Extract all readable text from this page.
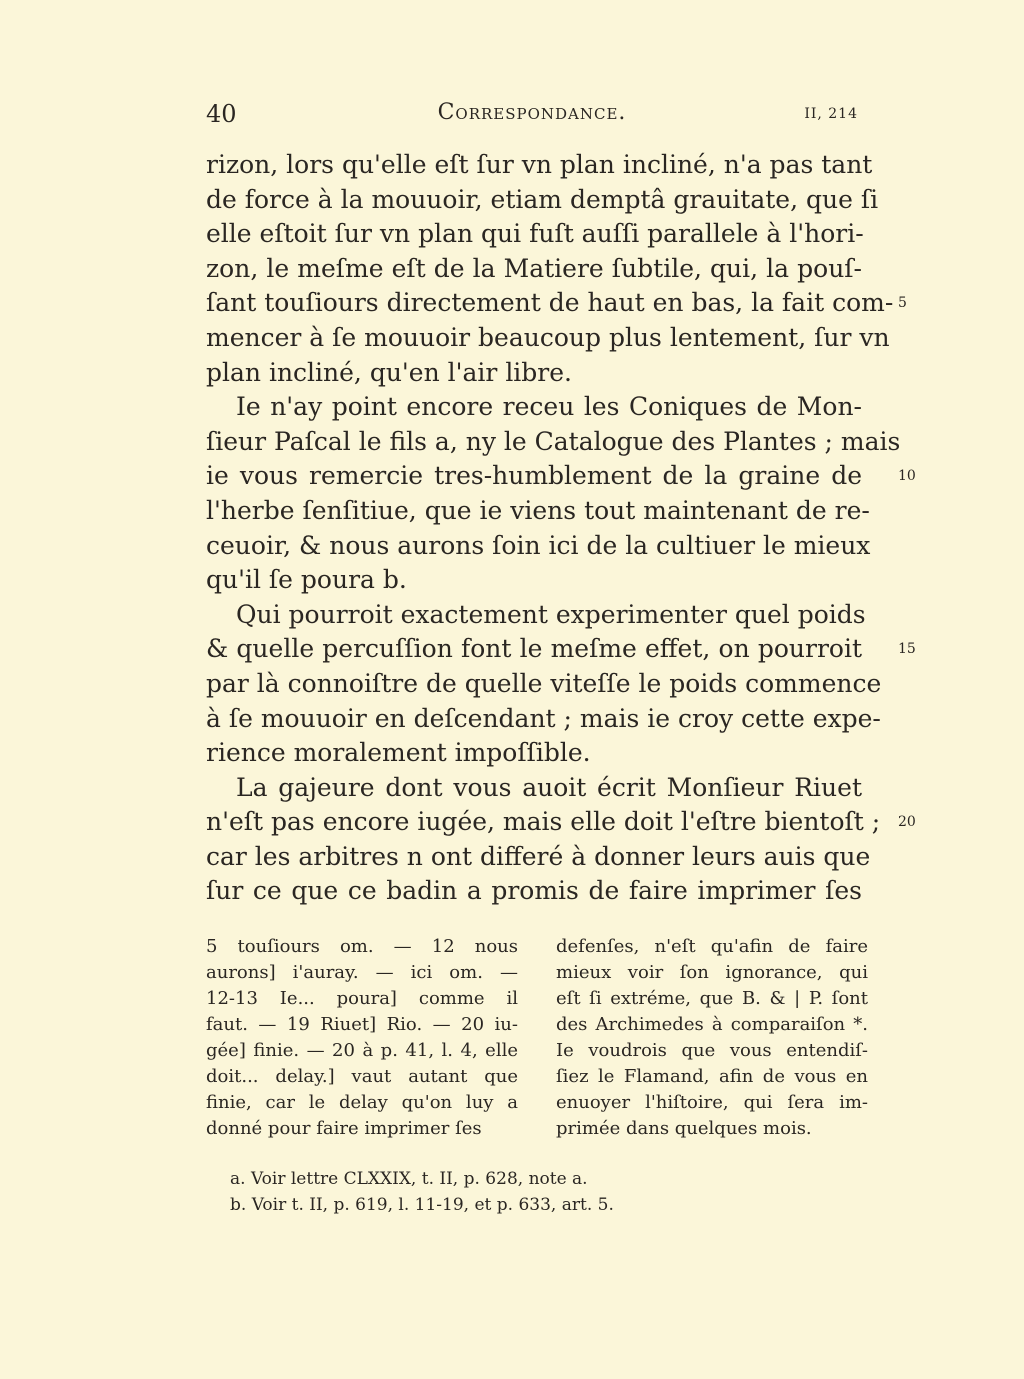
40	Correspondance.	II, 214
rizon, lors qu'elle eſt ſur vn plan incliné, n'a pas tant
de force à la mouuoir, etiam demptâ grauitate, que ſi
elle eſtoit ſur vn plan qui fuſt auſſi parallele à l'hori-
zon, le meſme eſt de la Matiere ſubtile, qui, la pouſ-
ſant touſiours directement de haut en bas, la fait com- 5
mencer à ſe mouuoir beaucoup plus lentement, ſur vn
plan incliné, qu'en l'air libre.
Ie n'ay point encore receu les Coniques de Mon-
ſieur Paſcal le fils a, ny le Catalogue des Plantes ; mais
ie vous remercie tres-humblement de la graine de	10
l'herbe ſenſitiue, que ie viens tout maintenant de re-
ceuoir, & nous aurons ſoin ici de la cultiuer le mieux
qu'il ſe poura b.
Qui pourroit exactement experimenter quel poids
& quelle percuſſion font le meſme effet, on pourroit	15
par là connoiſtre de quelle viteſſe le poids commence
à ſe mouuoir en deſcendant ; mais ie croy cette expe-
rience moralement impoſſible.
La gajeure dont vous auoit écrit Monſieur Riuet
n'eſt pas encore iugée, mais elle doit l'eſtre bientoſt ; 20
car les arbitres n ont differé à donner leurs auis que
ſur ce que ce badin a promis de faire imprimer ſes
5 touſiours om. — 12 nous
aurons] i'auray. — ici om. —
12-13 Ie... poura] comme il
faut. — 19 Riuet] Rio. — 20 iu-
gée] finie. — 20 à p. 41, l. 4, elle
doit... delay.] vaut autant que
finie, car le delay qu'on luy a
donné pour faire imprimer ſes
defenſes, n'eſt qu'afin de faire
mieux voir ſon ignorance, qui
eſt ſi extréme, que B. & | P. ſont
des Archimedes à comparaiſon *.
Ie voudrois que vous entendiſ-
ſiez le Flamand, afin de vous en
enuoyer l'hiſtoire, qui ſera im-
primée dans quelques mois.
a. Voir lettre CLXXIX, t. II, p. 628, note a.
b. Voir t. II, p. 619, l. 11-19, et p. 633, art. 5.
